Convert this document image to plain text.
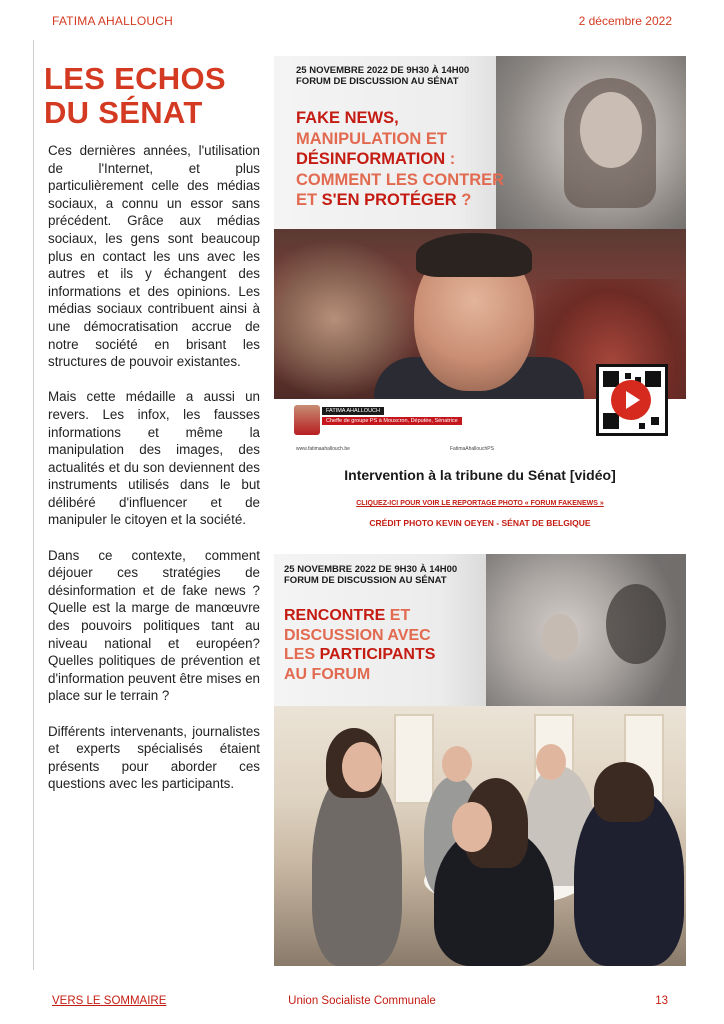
FATIMA AHALLOUCH	2 décembre 2022
LES ECHOS
DU SÉNAT

Ces dernières années, l'utilisation de l'Internet, et plus particulièrement celle des médias sociaux, a connu un essor sans précédent. Grâce aux médias sociaux, les gens sont beaucoup plus en contact les uns avec les autres et ils y échangent des informations et des opinions. Les médias sociaux contribuent ainsi à une démocratisation accrue de notre société en brisant les structures de pouvoir existantes.

Mais cette médaille a aussi un revers. Les infox, les fausses informations et même la manipulation des images, des actualités et du son deviennent des instruments utilisés dans le but délibéré d'influencer et de manipuler le citoyen et la société.

Dans ce contexte, comment déjouer ces stratégies de désinformation et de fake news ? Quelle est la marge de manœuvre des pouvoirs politiques tant au niveau national et européen? Quelles politiques de prévention et d'information peuvent être mises en place sur le terrain ?

Différents intervenants, journalistes et experts spécialisés étaient présents pour aborder ces questions avec les participants.

25 NOVEMBRE 2022 DE 9H30 À 14H00
FORUM DE DISCUSSION AU SÉNAT
FAKE NEWS,
MANIPULATION ET
DÉSINFORMATION :
COMMENT LES CONTRER
ET S'EN PROTÉGER ?
FATIMA AHALLOUCH
Cheffe de groupe PS à Mouscron, Députée, Sénatrice
www.fatimaahallouch.be	FatimaAhallouchPS
Intervention à la tribune du Sénat [vidéo]
CLIQUEZ-ICI POUR VOIR LE REPORTAGE PHOTO « FORUM FAKENEWS »
CRÉDIT PHOTO KEVIN OEYEN - SÉNAT DE BELGIQUE
25 NOVEMBRE 2022 DE 9H30 À 14H00
FORUM DE DISCUSSION AU SÉNAT
RENCONTRE ET
DISCUSSION AVEC
LES PARTICIPANTS
AU FORUM
VERS LE SOMMAIRE	Union Socialiste Communale	13
